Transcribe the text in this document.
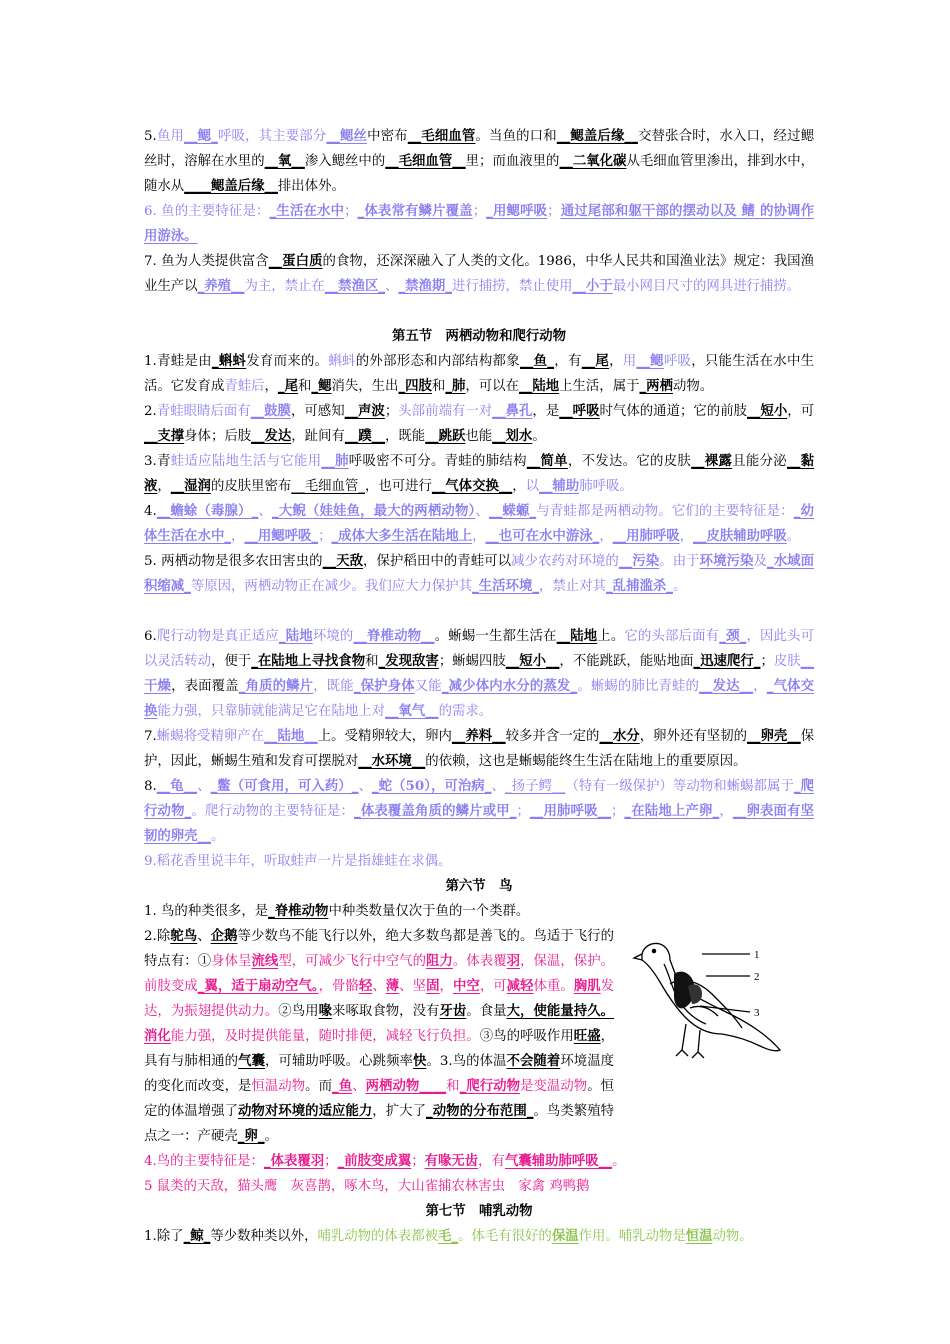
5.鱼用__鳃_呼吸，其主要部分__鳃丝中密布__毛细血管。当鱼的口和__鳃盖后缘__交替张合时，水入口，经过鳃丝时，溶解在水里的__氧__渗入鳃丝中的__毛细血管__里；而血液里的__二氧化碳从毛细血管里渗出，排到水中，随水从____鳃盖后缘__排出体外。

6. 鱼的主要特征是：_生活在水中；_体表常有鳞片覆盖；_用鳃呼吸；通过尾部和躯干部的摆动以及 鳍 的协调作用游泳。

7. 鱼为人类提供富含__蛋白质的食物，还深深融入了人类的文化。1986，中华人民共和国渔业法》规定：我国渔业生产以_养殖__为主，禁止在__禁渔区_、_禁渔期_进行捕捞，禁止使用__小于最小网目尺寸的网具进行捕捞。

第五节　两栖动物和爬行动物

1.青蛙是由_蝌蚪发育而来的。蝌蚪的外部形态和内部结构都象__鱼_，有__尾，用__鳃呼吸，只能生活在水中生活。它发育成青蛙后，_尾和_鳃消失，生出_四肢和_肺，可以在__陆地上生活，属于_两栖动物。

2.青蛙眼睛后面有__鼓膜，可感知__声波；头部前端有一对__鼻孔，是__呼吸时气体的通道；它的前肢__短小，可__支撑身体；后肢__发达，趾间有__蹼__，既能__跳跃也能__划水。

3.青蛙适应陆地生活与它能用__肺呼吸密不可分。青蛙的肺结构__简单，不发达。它的皮肤__裸露且能分泌__黏液，__湿润的皮肤里密布__毛细血管_，也可进行__气体交换__，以__辅助肺呼吸。

4.__蟾蜍（毒腺）_、_大鲵（娃娃鱼，最大的两栖动物）、__蝾螈_与青蛙都是两栖动物。它们的主要特征是：_幼体生活在水中_，__用鳃呼吸_；_成体大多生活在陆地上，__也可在水中游泳_，__用肺呼吸，__皮肤辅助呼吸。

5. 两栖动物是很多农田害虫的__天敌，保护稻田中的青蛙可以减少农药对环境的__污染。由于环境污染及_水域面积缩减_等原因，两栖动物正在减少。我们应大力保护其_生活环境_，禁止对其_乱捕滥杀_。

6.爬行动物是真正适应_陆地环境的__脊椎动物__。蜥蜴一生都生活在__陆地上。它的头部后面有_颈_，因此头可以灵活转动，便于_在陆地上寻找食物和_发现敌害；蜥蜴四肢__短小__，不能跳跃，能贴地面_迅速爬行_；皮肤__干燥，表面覆盖_角质的鳞片，既能_保护身体又能_减少体内水分的蒸发_。蜥蜴的肺比青蛙的__发达__，_气体交换能力强，只靠肺就能满足它在陆地上对__氧气__的需求。

7.蜥蜴将受精卵产在__陆地__上。受精卵较大，卵内__养料__较多并含一定的__水分，卵外还有坚韧的__卵壳__保护，因此，蜥蜴生殖和发育可摆脱对__水环境__的依赖，这也是蜥蜴能终生生活在陆地上的重要原因。

8.__龟__、_鳖（可食用，可入药）_、_蛇（50），可治病_、_扬子鳄__（特有一级保护）等动物和蜥蜴都属于_爬行动物_。爬行动物的主要特征是：_体表覆盖角质的鳞片或甲_；__用肺呼吸__；_在陆地上产卵_，__卵表面有坚韧的卵壳__。

9.稻花香里说丰年，听取蛙声一片是指雄蛙在求偶。

第六节　鸟

1. 鸟的种类很多，是_脊椎动物中种类数量仅次于鱼的一个类群。

1
2
3

2.除鸵鸟、企鹅等少数鸟不能飞行以外，绝大多数鸟都是善飞的。鸟适于飞行的特点有：①身体呈流线型，可减少飞行中空气的阻力。体表覆羽，保温，保护。前肢变成_翼，适于扇动空气。，骨骼轻、薄、坚固，中空，可减轻体重。胸肌发达，为振翅提供动力。②鸟用喙来啄取食物，没有牙齿。食量大，使能量持久。消化能力强，及时提供能量，随时排便，减轻飞行负担。③鸟的呼吸作用旺盛，具有与肺相通的气囊，可辅助呼吸。心跳频率快。3.鸟的体温不会随着环境温度的变化而改变，是恒温动物。而_鱼、两栖动物____和_爬行动物是变温动物。恒定的体温增强了动物对环境的适应能力，扩大了_动物的分布范围_。鸟类繁殖特点之一：产硬壳_卵_。

4.鸟的主要特征是：_体表覆羽；_前肢变成翼；有喙无齿，有气囊辅助肺呼吸__。

5 鼠类的天敌，猫头鹰　灰喜鹊，啄木鸟，大山雀捕农林害虫　家禽 鸡鸭鹅

第七节　哺乳动物

1.除了_鲸_等少数种类以外，哺乳动物的体表都被毛_。体毛有很好的保温作用。哺乳动物是恒温动物。
